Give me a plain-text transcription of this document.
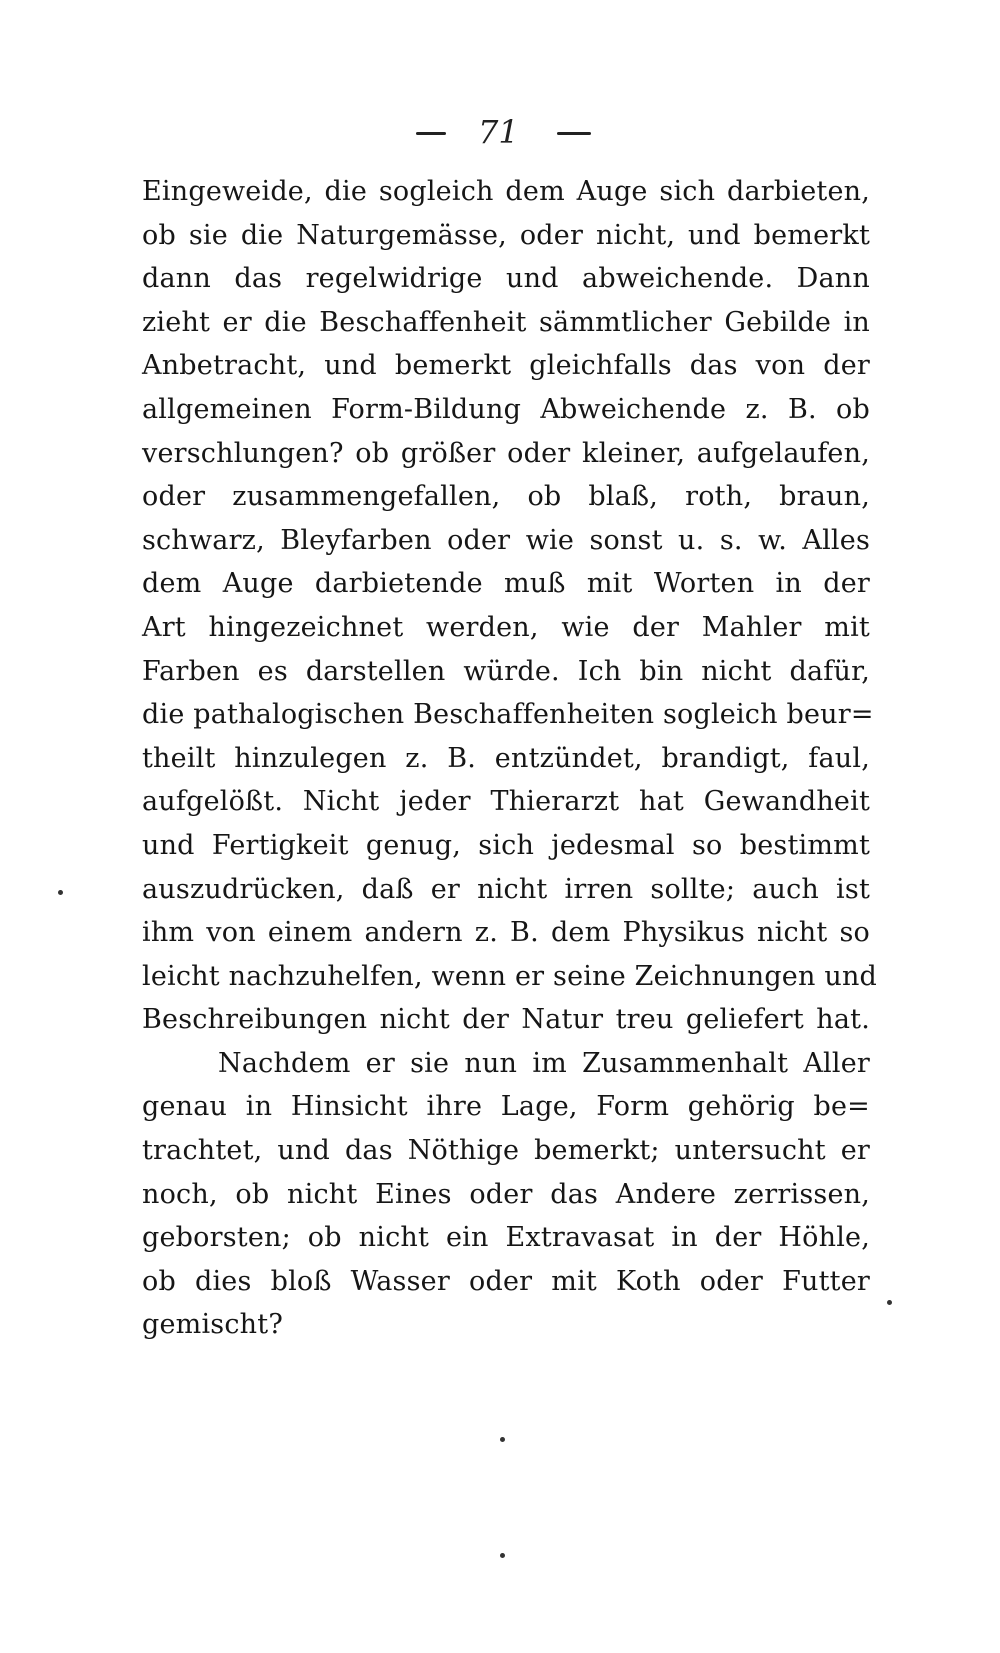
71
Eingeweide, die sogleich dem Auge sich darbieten,
ob sie die Naturgemässe, oder nicht, und bemerkt
dann das regelwidrige und abweichende. Dann
zieht er die Beschaffenheit sämmtlicher Gebilde in
Anbetracht, und bemerkt gleichfalls das von der
allgemeinen Form-Bildung Abweichende z. B. ob
verschlungen? ob größer oder kleiner, aufgelaufen,
oder zusammengefallen, ob blaß, roth, braun,
schwarz, Bleyfarben oder wie sonst u. s. w. Alles
dem Auge darbietende muß mit Worten in der
Art hingezeichnet werden, wie der Mahler mit
Farben es darstellen würde. Ich bin nicht dafür,
die pathalogischen Beschaffenheiten sogleich beur=
theilt hinzulegen z. B. entzündet, brandigt, faul,
aufgelößt. Nicht jeder Thierarzt hat Gewandheit
und Fertigkeit genug, sich jedesmal so bestimmt
auszudrücken, daß er nicht irren sollte; auch ist
ihm von einem andern z. B. dem Physikus nicht so
leicht nachzuhelfen, wenn er seine Zeichnungen und
Beschreibungen nicht der Natur treu geliefert hat.
Nachdem er sie nun im Zusammenhalt Aller
genau in Hinsicht ihre Lage, Form gehörig be=
trachtet, und das Nöthige bemerkt; untersucht er
noch, ob nicht Eines oder das Andere zerrissen,
geborsten; ob nicht ein Extravasat in der Höhle,
ob dies bloß Wasser oder mit Koth oder Futter
gemischt?
